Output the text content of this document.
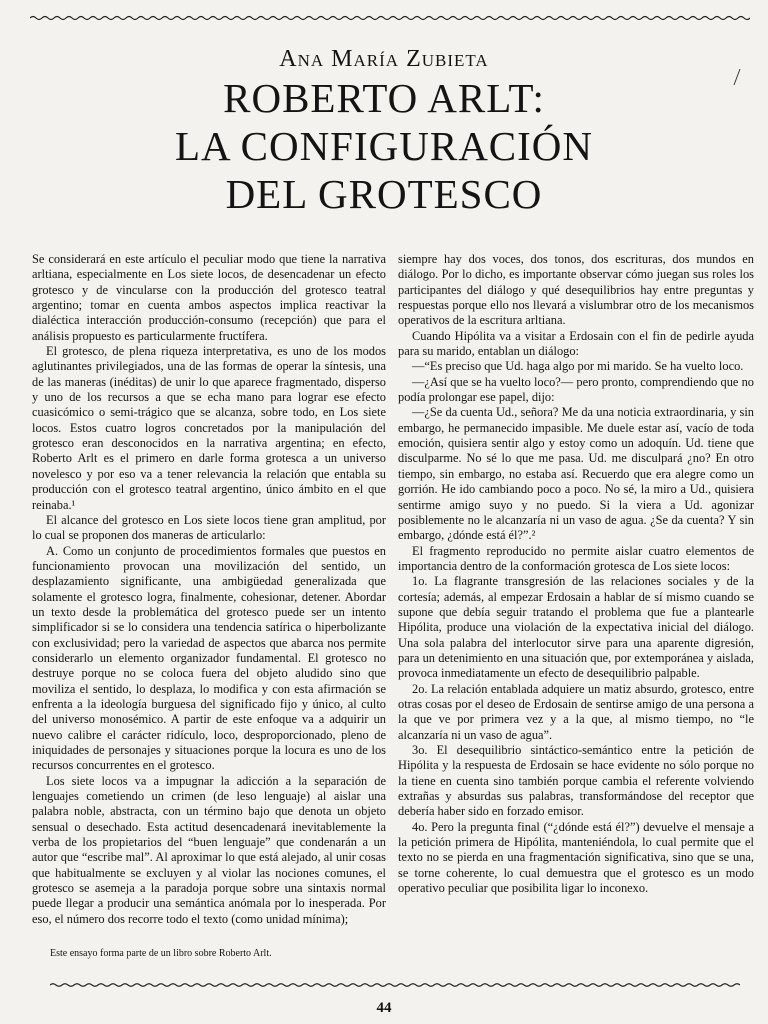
Ana María Zubieta
ROBERTO ARLT:
LA CONFIGURACIÓN
DEL GROTESCO

Se considerará en este artículo el peculiar modo que tiene la narrativa arltiana, especialmente en Los siete locos, de desencadenar un efecto grotesco y de vincularse con la producción del grotesco teatral argentino; tomar en cuenta ambos aspectos implica reactivar la dialéctica interacción producción-consumo (recepción) que para el análisis propuesto es particularmente fructífera.

El grotesco, de plena riqueza interpretativa, es uno de los modos aglutinantes privilegiados, una de las formas de operar la síntesis, una de las maneras (inéditas) de unir lo que aparece fragmentado, disperso y uno de los recursos a que se echa mano para lograr ese efecto cuasicómico o semi-trágico que se alcanza, sobre todo, en Los siete locos. Estos cuatro logros concretados por la manipulación del grotesco eran desconocidos en la narrativa argentina; en efecto, Roberto Arlt es el primero en darle forma grotesca a un universo novelesco y por eso va a tener relevancia la relación que entabla su producción con el grotesco teatral argentino, único ámbito en el que reinaba.¹

El alcance del grotesco en Los siete locos tiene gran amplitud, por lo cual se proponen dos maneras de articularlo:

A. Como un conjunto de procedimientos formales que puestos en funcionamiento provocan una movilización del sentido, un desplazamiento significante, una ambigüedad generalizada que solamente el grotesco logra, finalmente, cohesionar, detener. Abordar un texto desde la problemática del grotesco puede ser un intento simplificador si se lo considera una tendencia satírica o hiperbolizante con exclusividad; pero la variedad de aspectos que abarca nos permite considerarlo un elemento organizador fundamental. El grotesco no destruye porque no se coloca fuera del objeto aludido sino que moviliza el sentido, lo desplaza, lo modifica y con esta afirmación se enfrenta a la ideología burguesa del significado fijo y único, al culto del universo monosémico. A partir de este enfoque va a adquirir un nuevo calibre el carácter ridículo, loco, desproporcionado, pleno de iniquidades de personajes y situaciones porque la locura es uno de los recursos concurrentes en el grotesco.

Los siete locos va a impugnar la adicción a la separación de lenguajes cometiendo un crimen (de leso lenguaje) al aislar una palabra noble, abstracta, con un término bajo que denota un objeto sensual o desechado. Esta actitud desencadenará inevitablemente la verba de los propietarios del “buen lenguaje” que condenarán a un autor que “escribe mal”. Al aproximar lo que está alejado, al unir cosas que habitualmente se excluyen y al violar las nociones comunes, el grotesco se asemeja a la paradoja porque sobre una sintaxis normal puede llegar a producir una semántica anómala por lo inesperada. Por eso, el número dos recorre todo el texto (como unidad mínima);

siempre hay dos voces, dos tonos, dos escrituras, dos mundos en diálogo. Por lo dicho, es importante observar cómo juegan sus roles los participantes del diálogo y qué desequilibrios hay entre preguntas y respuestas porque ello nos llevará a vislumbrar otro de los mecanismos operativos de la escritura arltiana.

Cuando Hipólita va a visitar a Erdosain con el fin de pedirle ayuda para su marido, entablan un diálogo:

—“Es preciso que Ud. haga algo por mi marido. Se ha vuelto loco.

—¿Así que se ha vuelto loco?— pero pronto, comprendiendo que no podía prolongar ese papel, dijo:

—¿Se da cuenta Ud., señora? Me da una noticia extraordinaria, y sin embargo, he permanecido impasible. Me duele estar así, vacío de toda emoción, quisiera sentir algo y estoy como un adoquín. Ud. tiene que disculparme. No sé lo que me pasa. Ud. me disculpará ¿no? En otro tiempo, sin embargo, no estaba así. Recuerdo que era alegre como un gorrión. He ido cambiando poco a poco. No sé, la miro a Ud., quisiera sentirme amigo suyo y no puedo. Si la viera a Ud. agonizar posiblemente no le alcanzaría ni un vaso de agua. ¿Se da cuenta? Y sin embargo, ¿dónde está él?”.²

El fragmento reproducido no permite aislar cuatro elementos de importancia dentro de la conformación grotesca de Los siete locos:

1o. La flagrante transgresión de las relaciones sociales y de la cortesía; además, al empezar Erdosain a hablar de sí mismo cuando se supone que debía seguir tratando el problema que fue a plantearle Hipólita, produce una violación de la expectativa inicial del diálogo. Una sola palabra del interlocutor sirve para una aparente digresión, para un detenimiento en una situación que, por extemporánea y aislada, provoca inmediatamente un efecto de desequilibrio palpable.

2o. La relación entablada adquiere un matiz absurdo, grotesco, entre otras cosas por el deseo de Erdosain de sentirse amigo de una persona a la que ve por primera vez y a la que, al mismo tiempo, no “le alcanzaría ni un vaso de agua”.

3o. El desequilibrio sintáctico-semántico entre la petición de Hipólita y la respuesta de Erdosain se hace evidente no sólo porque no la tiene en cuenta sino también porque cambia el referente volviendo extrañas y absurdas sus palabras, transformándose del receptor que debería haber sido en forzado emisor.

4o. Pero la pregunta final (“¿dónde está él?”) devuelve el mensaje a la petición primera de Hipólita, manteniéndola, lo cual permite que el texto no se pierda en una fragmentación significativa, sino que se una, se torne coherente, lo cual demuestra que el grotesco es un modo operativo peculiar que posibilita ligar lo inconexo.

Este ensayo forma parte de un libro sobre Roberto Arlt.
44
